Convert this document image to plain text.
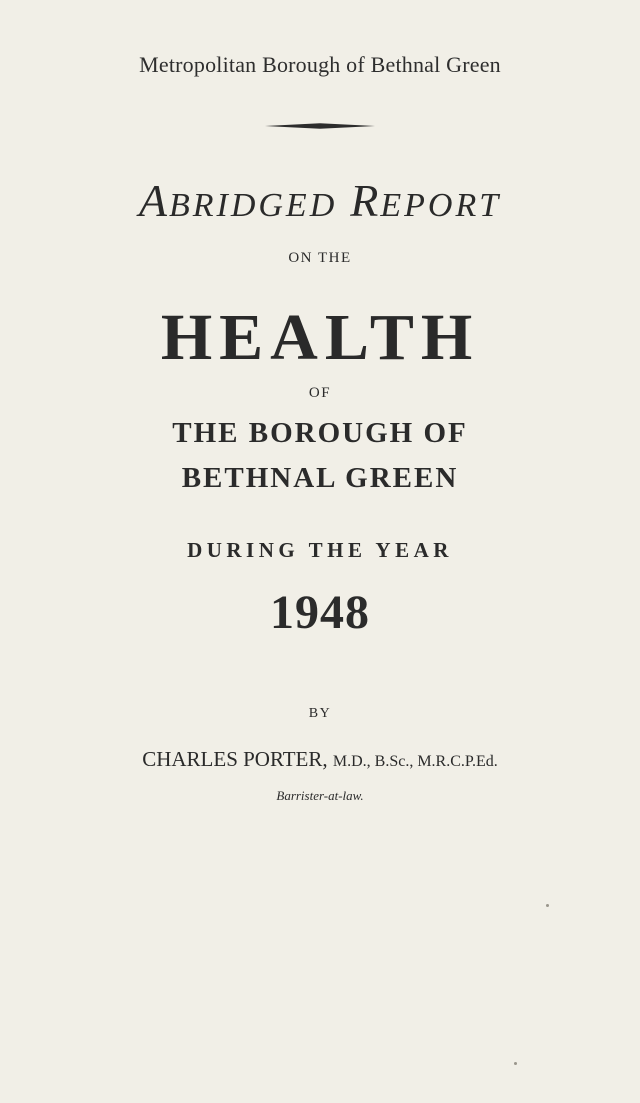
Metropolitan Borough of Bethnal Green
ABRIDGED REPORT
ON THE
HEALTH
OF
THE BOROUGH OF
BETHNAL GREEN
DURING THE YEAR
1948
BY
CHARLES PORTER, M.D., B.Sc., M.R.C.P.Ed.
Barrister-at-law.
